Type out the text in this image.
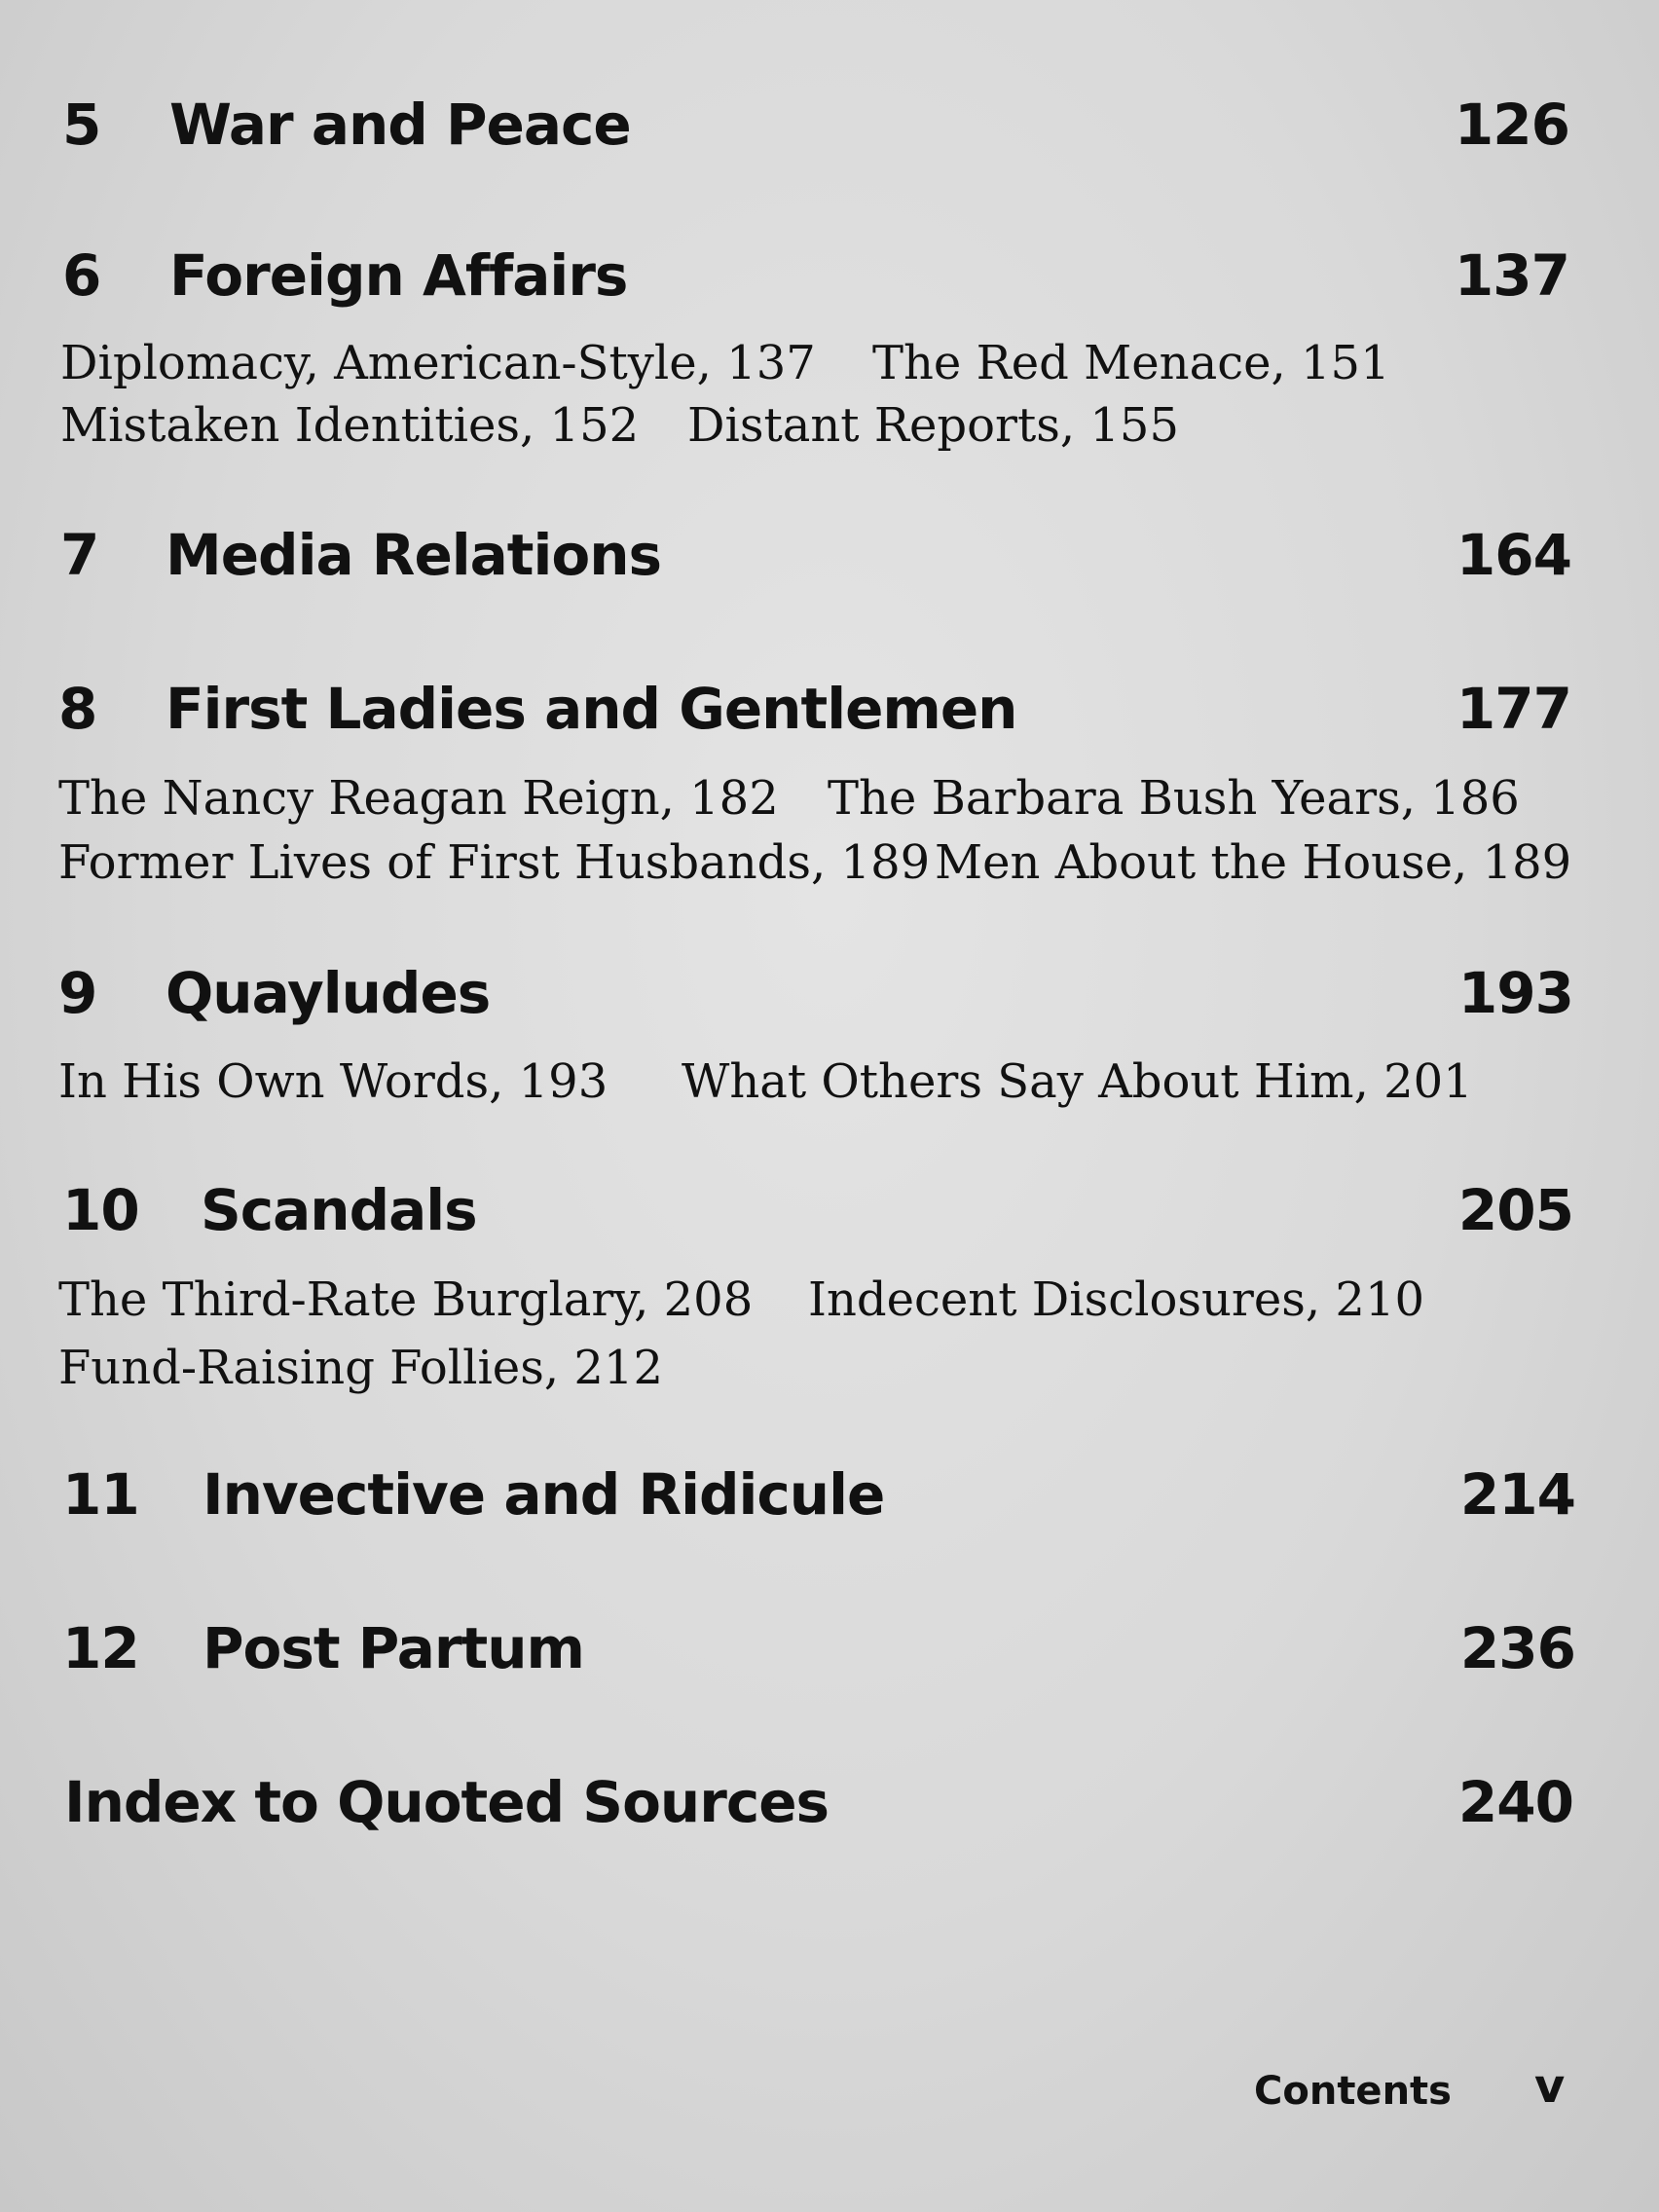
5 War and Peace	126
6 Foreign Affairs	137
Diplomacy, American-Style, 137 The Red Menace, 151
Mistaken Identities, 152 Distant Reports, 155
7 Media Relations	164
8 First Ladies and Gentlemen	177
The Nancy Reagan Reign, 182 The Barbara Bush Years, 186
Former Lives of First Husbands, 189 Men About the House, 189
9 Quayludes	193
In His Own Words, 193 What Others Say About Him, 201
10 Scandals	205
The Third-Rate Burglary, 208 Indecent Disclosures, 210
Fund-Raising Follies, 212
11 Invective and Ridicule	214
12 Post Partum	236
Index to Quoted Sources	240
Contents v
